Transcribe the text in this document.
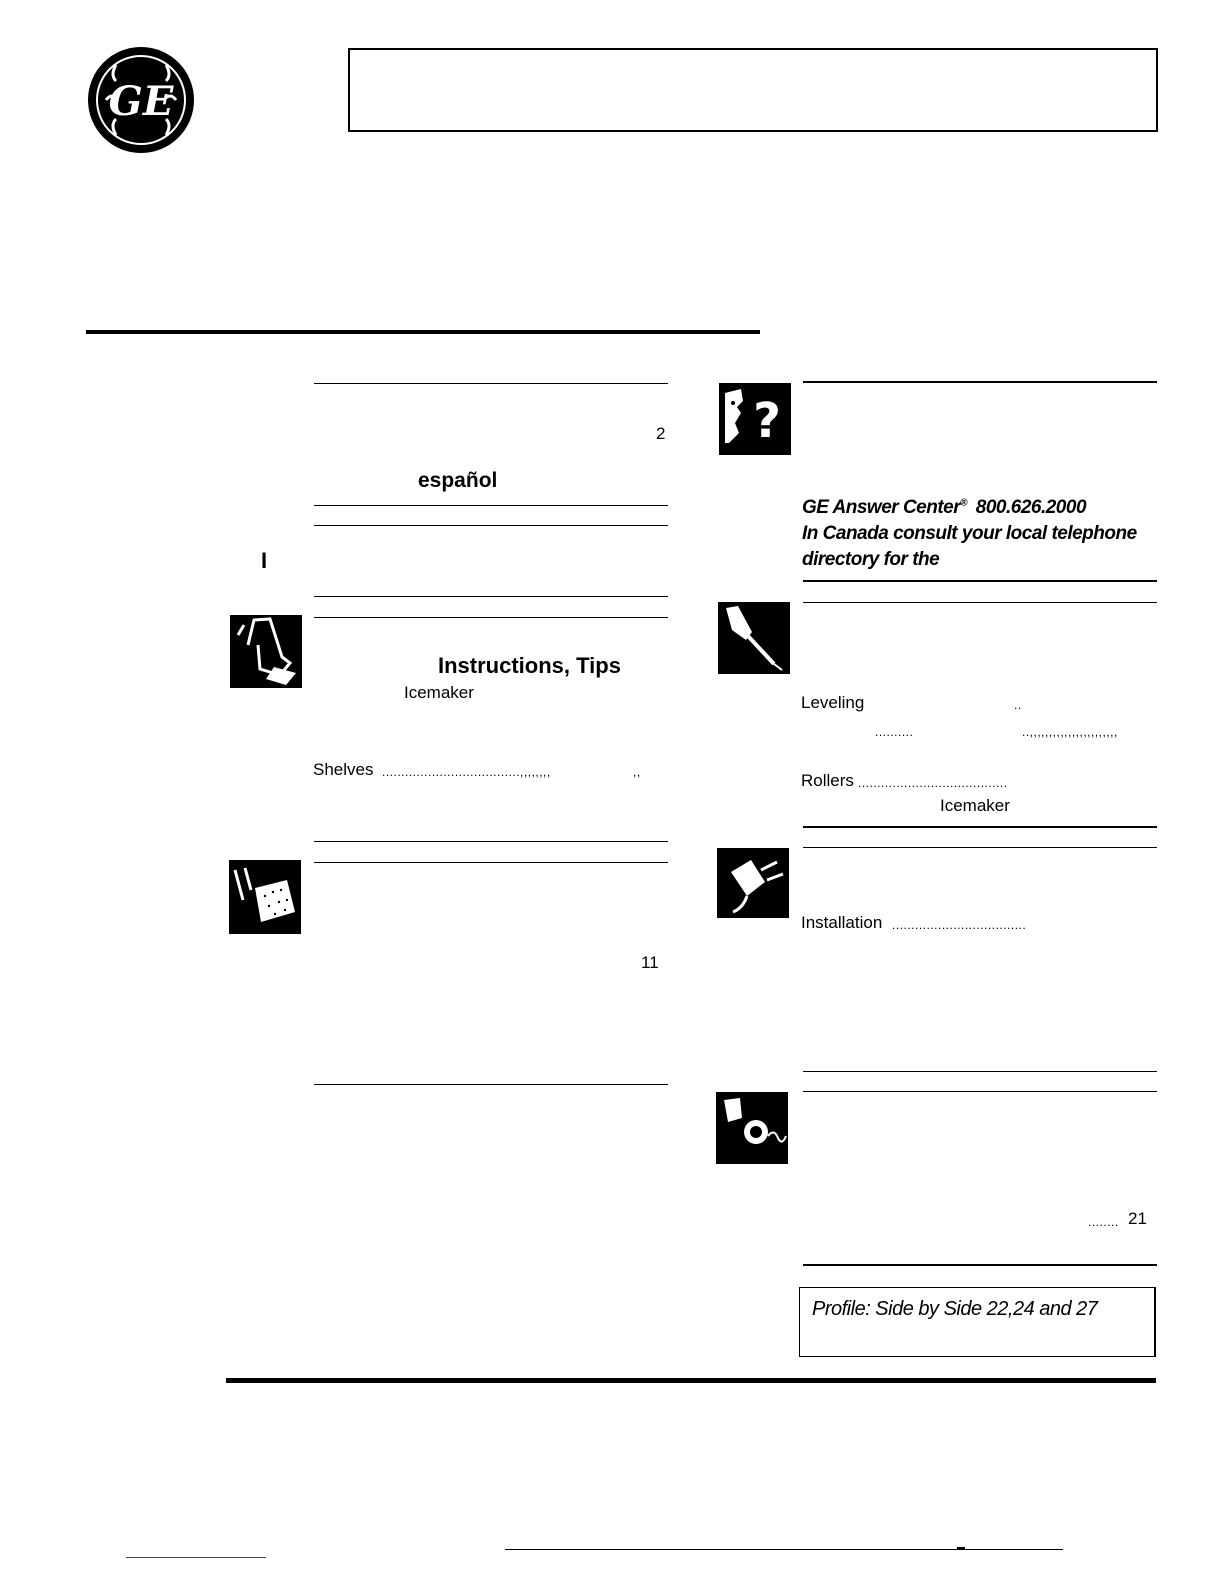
GE
2
español
I
Instructions, Tips
Icemaker
Shelves ....................................,,,,,,,,	,,
11
?
GE Answer Center® 800.626.2000
In Canada consult your local telephone
directory for the
Leveling	..
..........	..,,,,,,,,,,,,,,,,,,,,,,,
Rollers .......................................
Icemaker
Installation ...................................
........ 21
Profile: Side by Side 22,24 and 27
